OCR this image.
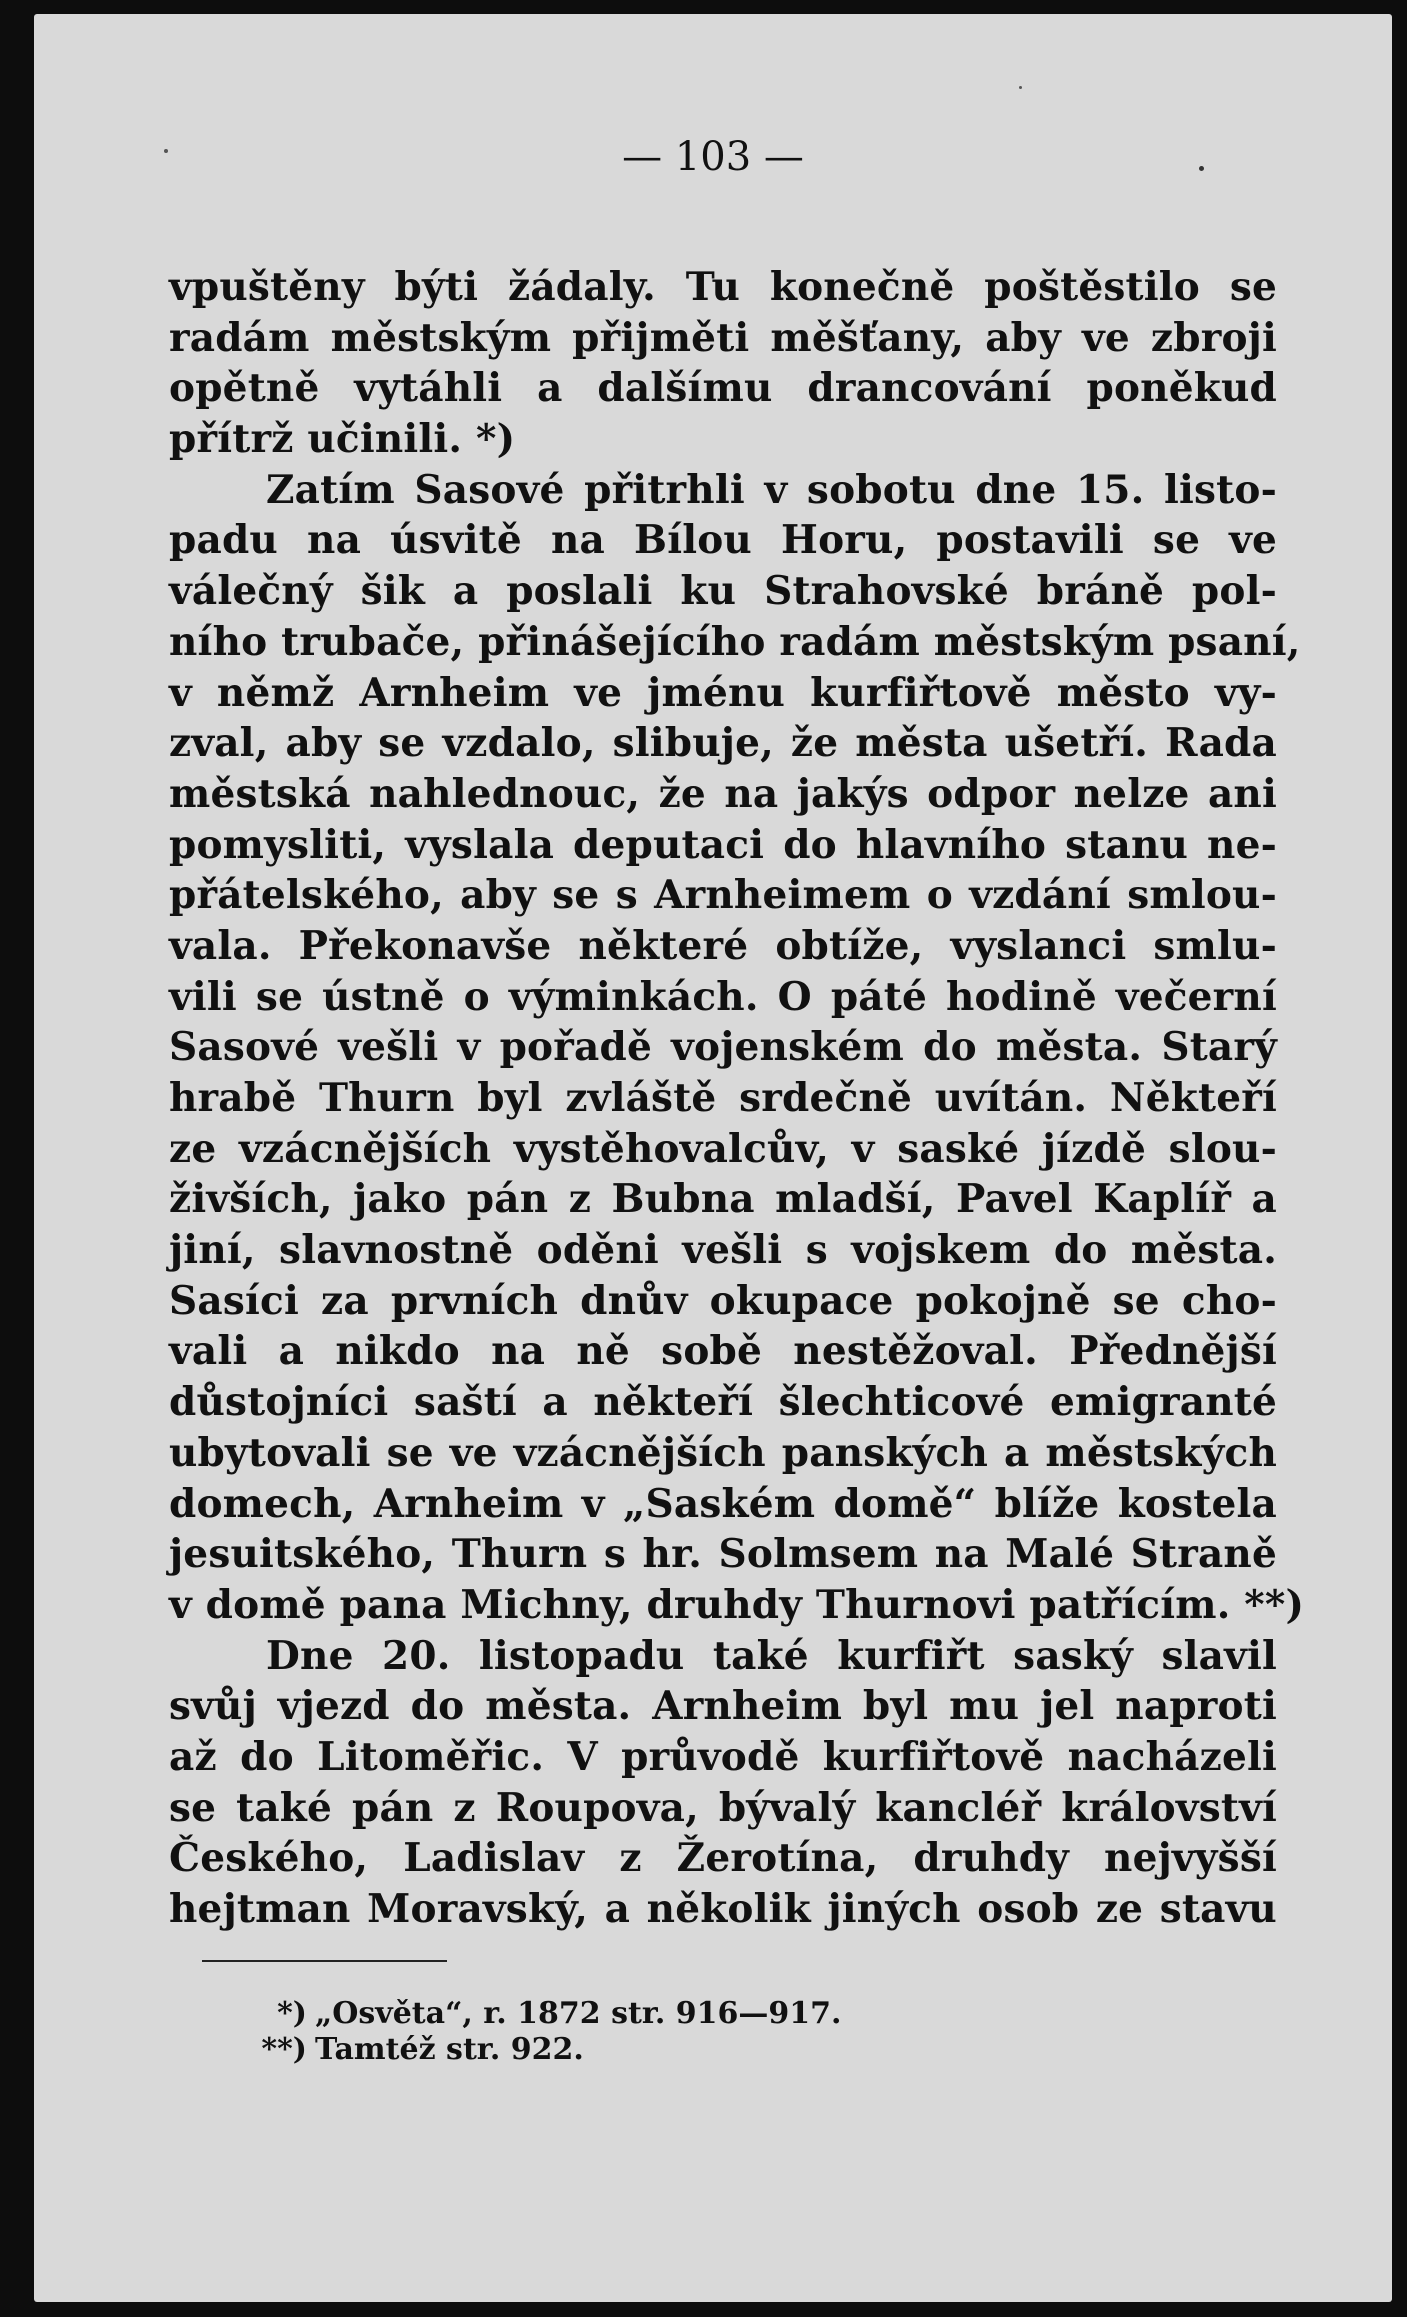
— 103 —
vpuštěny býti žádaly. Tu konečně poštěstilo se
radám městským přijměti měšťany, aby ve zbroji
opětně vytáhli a dalšímu drancování poněkud
přítrž učinili. *)
Zatím Sasové přitrhli v sobotu dne 15. listo-
padu na úsvitě na Bílou Horu, postavili se ve
válečný šik a poslali ku Strahovské bráně pol-
ního trubače, přinášejícího radám městským psaní,
v němž Arnheim ve jménu kurfiřtově město vy-
zval, aby se vzdalo, slibuje, že města ušetří. Rada
městská nahlednouc, že na jakýs odpor nelze ani
pomysliti, vyslala deputaci do hlavního stanu ne-
přátelského, aby se s Arnheimem o vzdání smlou-
vala. Překonavše některé obtíže, vyslanci smlu-
vili se ústně o výminkách. O páté hodině večerní
Sasové vešli v pořadě vojenském do města. Starý
hrabě Thurn byl zvláště srdečně uvítán. Někteří
ze vzácnějších vystěhovalcův, v saské jízdě slou-
živších, jako pán z Bubna mladší, Pavel Kaplíř a
jiní, slavnostně oděni vešli s vojskem do města.
Sasíci za prvních dnův okupace pokojně se cho-
vali a nikdo na ně sobě nestěžoval. Přednější
důstojníci saští a někteří šlechticové emigranté
ubytovali se ve vzácnějších panských a městských
domech, Arnheim v „Saském domě“ blíže kostela
jesuitského, Thurn s hr. Solmsem na Malé Straně
v domě pana Michny, druhdy Thurnovi patřícím. **)
Dne 20. listopadu také kurfiřt saský slavil
svůj vjezd do města. Arnheim byl mu jel naproti
až do Litoměřic. V průvodě kurfiřtově nacházeli
se také pán z Roupova, bývalý kancléř království
Českého, Ladislav z Žerotína, druhdy nejvyšší
hejtman Moravský, a několik jiných osob ze stavu
*) „Osvěta“, r. 1872 str. 916—917.
**) Tamtéž str. 922.
